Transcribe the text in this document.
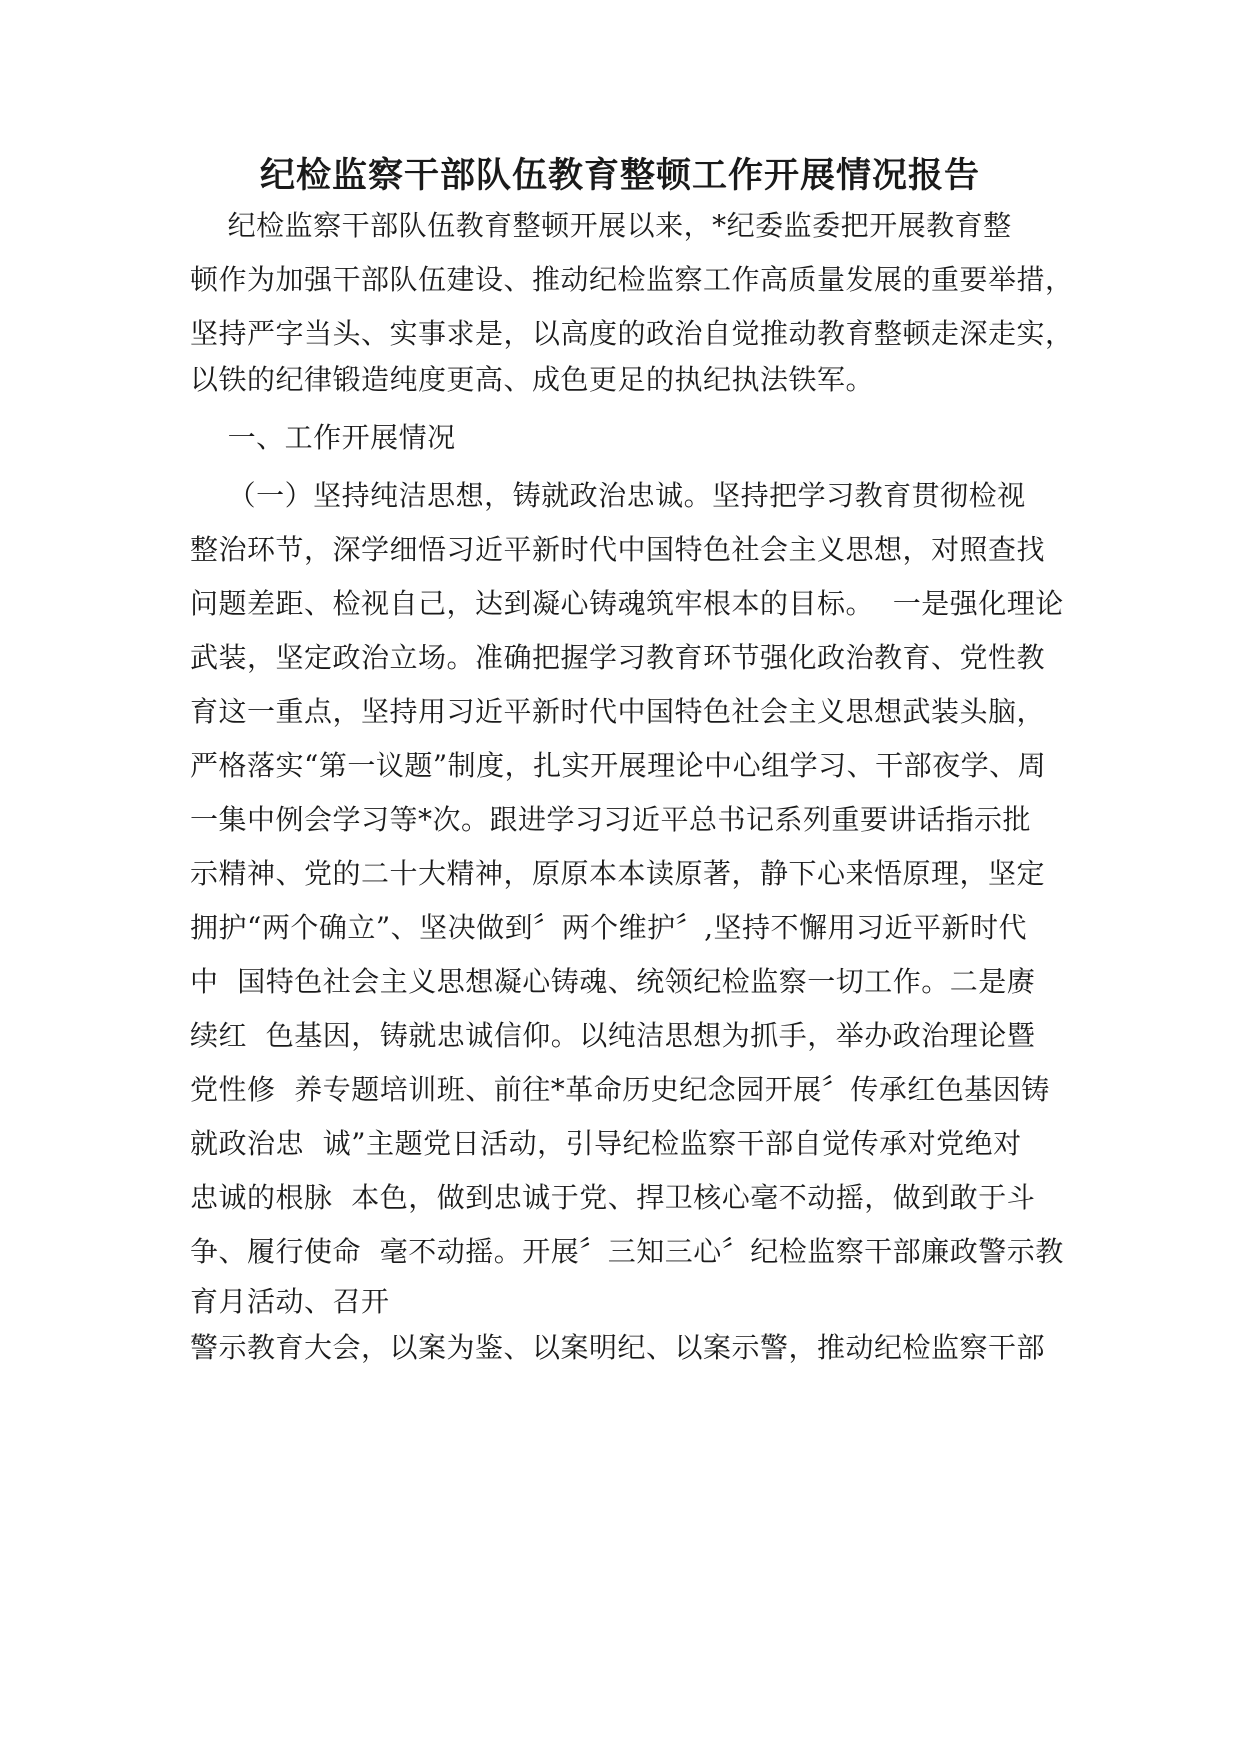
纪检监察干部队伍教育整顿工作开展情况报告
纪检监察干部队伍教育整顿开展以来，*纪委监委把开展教育整
顿作为加强干部队伍建设、推动纪检监察工作高质量发展的重要举措，
坚持严字当头、实事求是，以高度的政治自觉推动教育整顿走深走实，
以铁的纪律锻造纯度更高、成色更足的执纪执法铁军。
一、工作开展情况
（一）坚持纯洁思想，铸就政治忠诚。坚持把学习教育贯彻检视
整治环节，深学细悟习近平新时代中国特色社会主义思想，对照查找
问题差距、检视自己，达到凝心铸魂筑牢根本的目标。  一是强化理论
武装，坚定政治立场。准确把握学习教育环节强化政治教育、党性教
育这一重点，坚持用习近平新时代中国特色社会主义思想武装头脑，
严格落实“第一议题”制度，扎实开展理论中心组学习、干部夜学、周
一集中例会学习等*次。跟进学习习近平总书记系列重要讲话指示批
示精神、党的二十大精神，原原本本读原著，静下心来悟原理，坚定
拥护“两个确立”、坚决做到〞两个维护〞,坚持不懈用习近平新时代
中  国特色社会主义思想凝心铸魂、统领纪检监察一切工作。二是赓
续红  色基因，铸就忠诚信仰。以纯洁思想为抓手，举办政治理论暨
党性修  养专题培训班、前往*革命历史纪念园开展〞传承红色基因铸
就政治忠  诚”主题党日活动，引导纪检监察干部自觉传承对党绝对
忠诚的根脉  本色，做到忠诚于党、捍卫核心毫不动摇，做到敢于斗
争、履行使命  毫不动摇。开展〞三知三心〞纪检监察干部廉政警示教
育月活动、召开
警示教育大会，以案为鉴、以案明纪、以案示警，推动纪检监察干部
